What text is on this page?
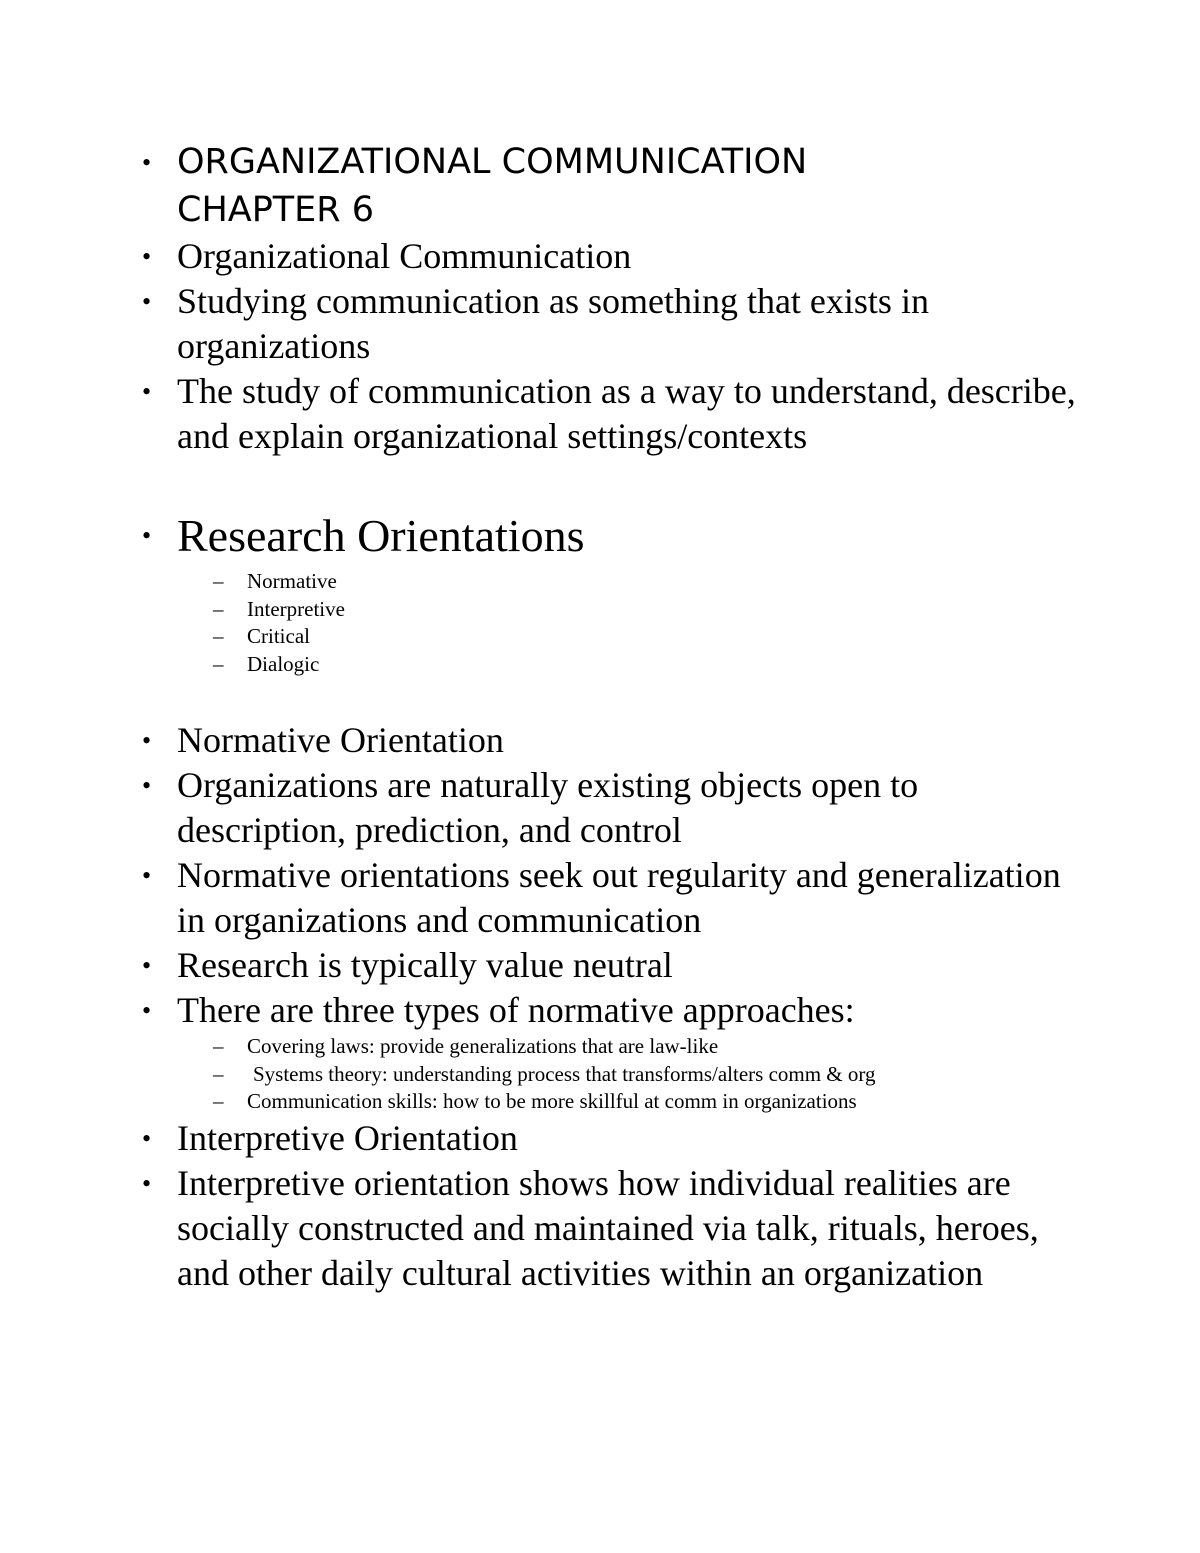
• ORGANIZATIONAL COMMUNICATION
CHAPTER 6
• Organizational Communication
• Studying communication as something that exists in organizations
• The study of communication as a way to understand, describe, and explain organizational settings/contexts
• Research Orientations
– Normative
– Interpretive
– Critical
– Dialogic
• Normative Orientation
• Organizations are naturally existing objects open to description, prediction, and control
• Normative orientations seek out regularity and generalization in organizations and communication
• Research is typically value neutral
• There are three types of normative approaches:
– Covering laws: provide generalizations that are law-like
– Systems theory: understanding process that transforms/alters comm & org
– Communication skills: how to be more skillful at comm in organizations
• Interpretive Orientation
• Interpretive orientation shows how individual realities are socially constructed and maintained via talk, rituals, heroes, and other daily cultural activities within an organization
